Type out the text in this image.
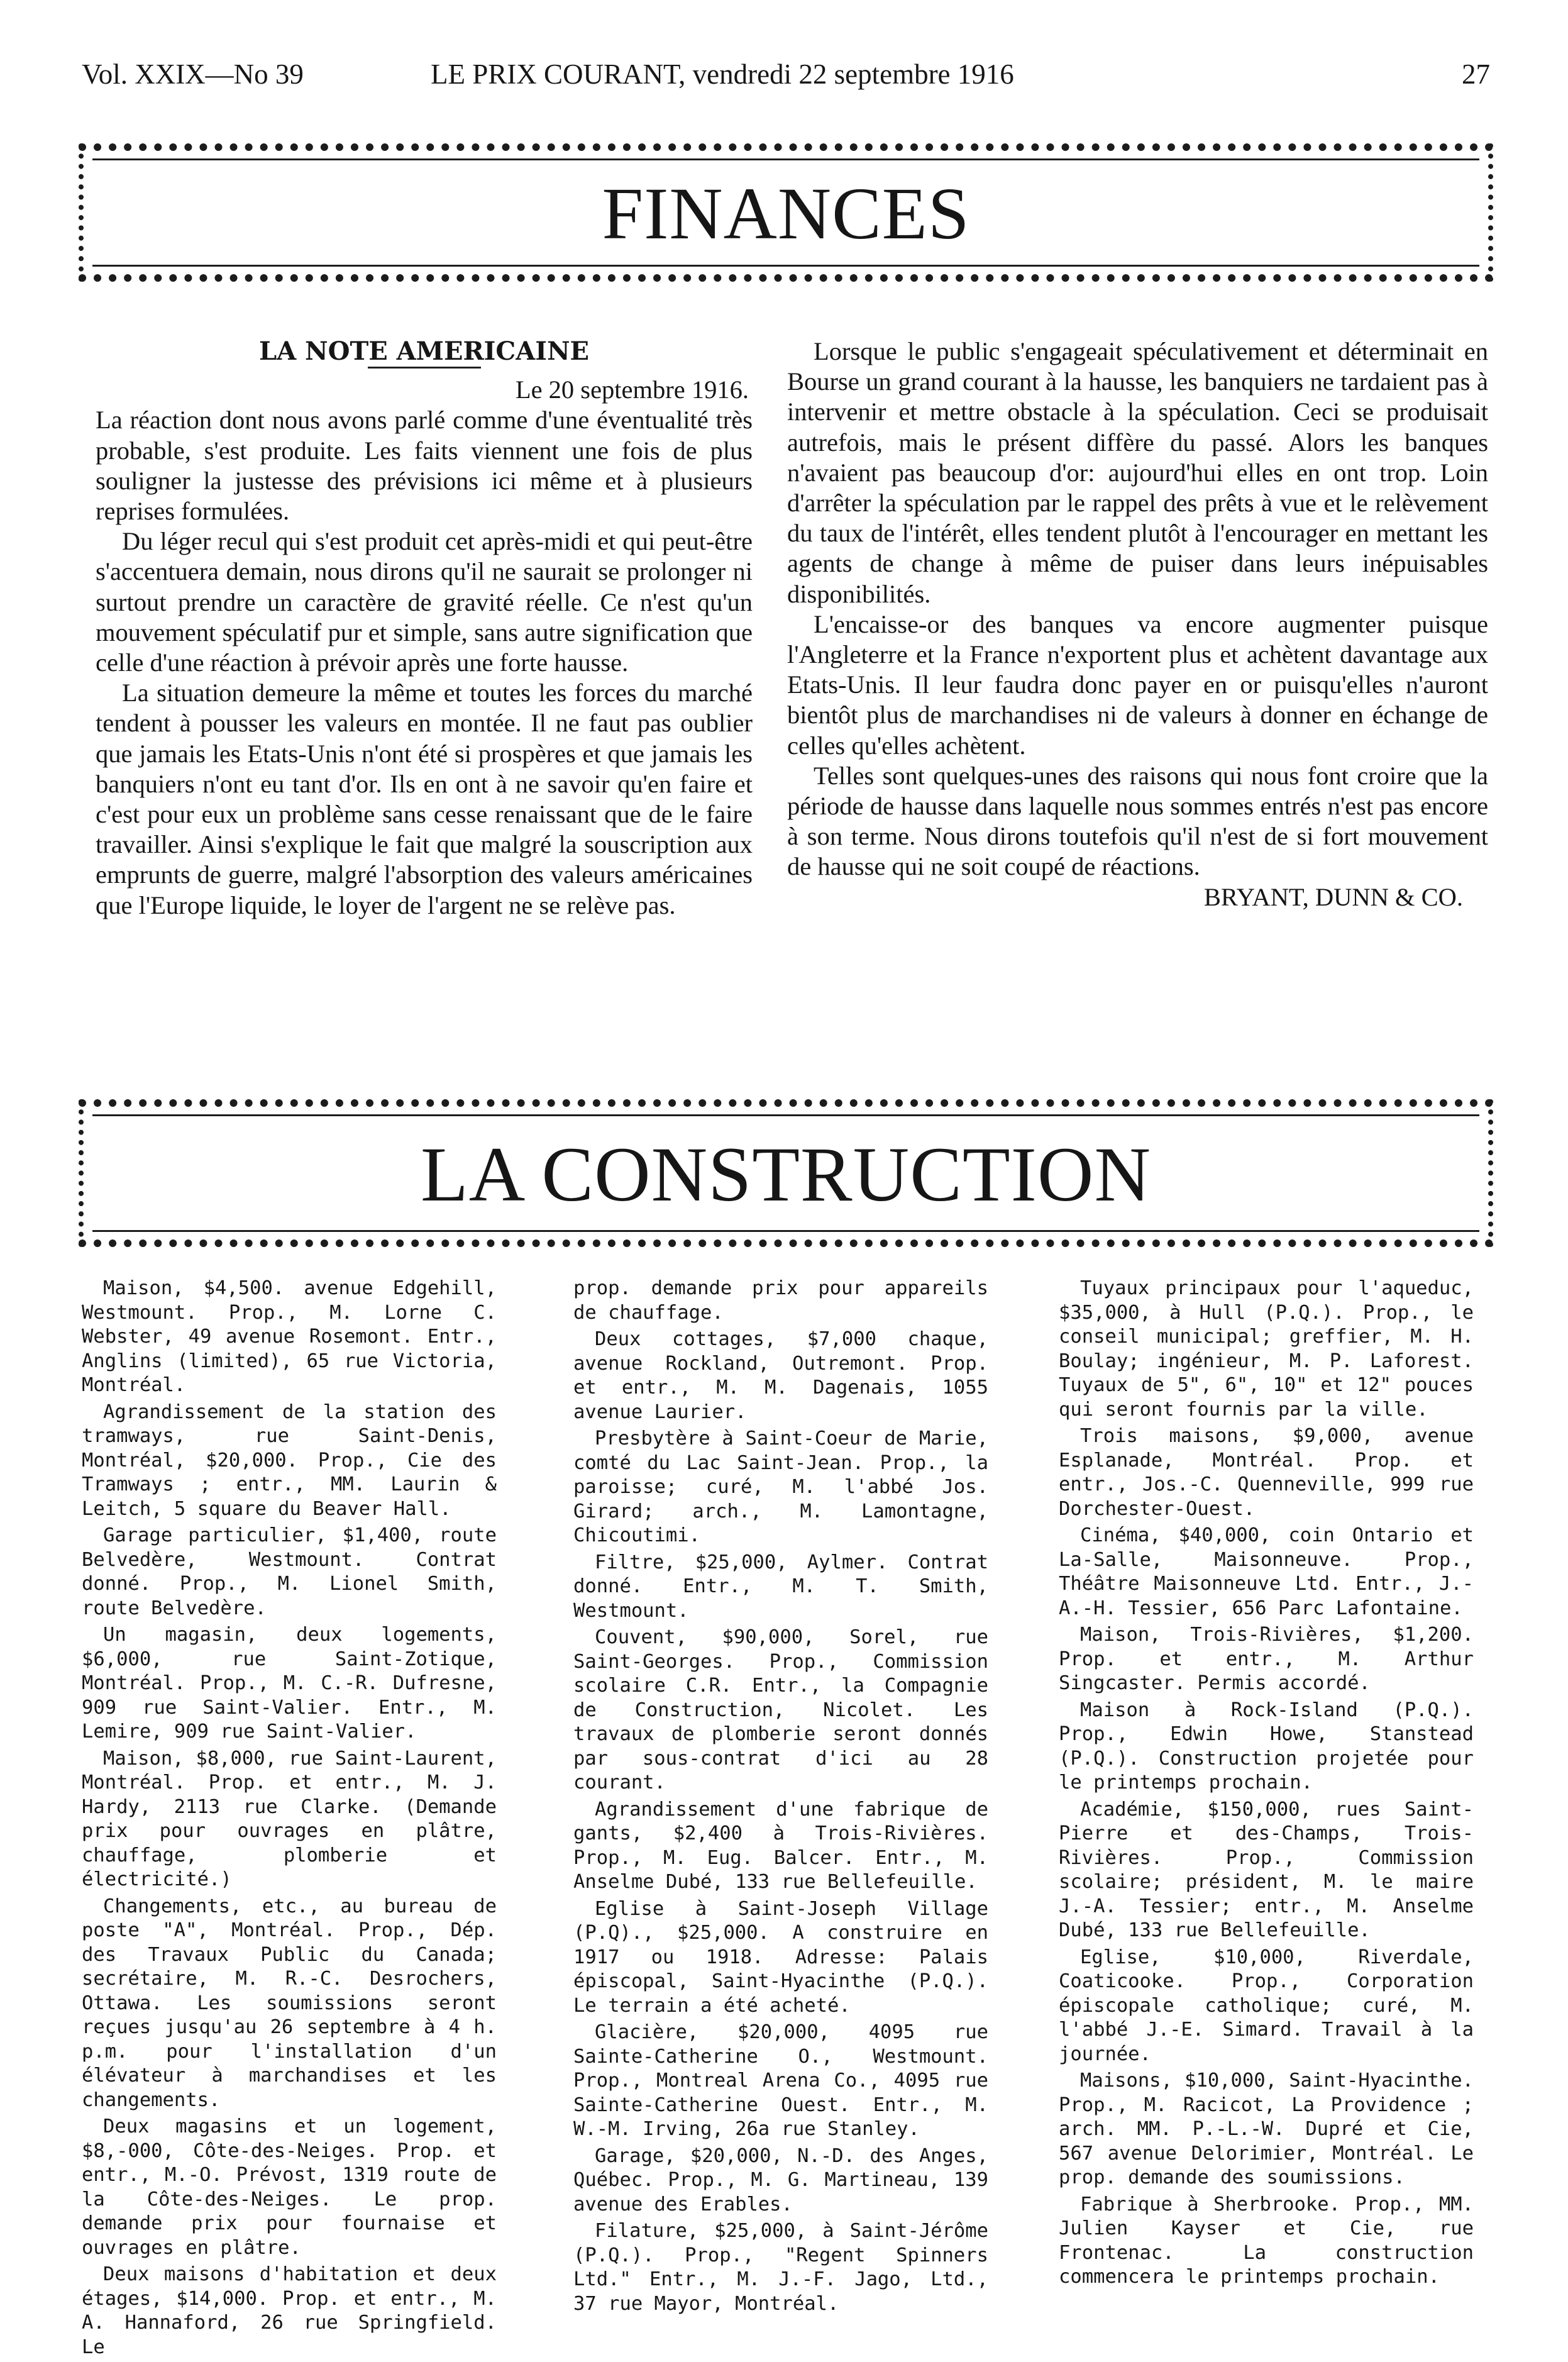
Vol. XXIX—No 39	LE PRIX COURANT, vendredi 22 septembre 1916	27
FINANCES

LA NOTE AMERICAINE

Le 20 septembre 1916.

La réaction dont nous avons parlé comme d'une éventualité très probable, s'est produite. Les faits viennent une fois de plus souligner la justesse des prévisions ici même et à plusieurs reprises formulées.

Du léger recul qui s'est produit cet après-midi et qui peut-être s'accentuera demain, nous dirons qu'il ne saurait se prolonger ni surtout prendre un caractère de gravité réelle. Ce n'est qu'un mouvement spéculatif pur et simple, sans autre signification que celle d'une réaction à prévoir après une forte hausse.

La situation demeure la même et toutes les forces du marché tendent à pousser les valeurs en montée. Il ne faut pas oublier que jamais les Etats-Unis n'ont été si prospères et que jamais les banquiers n'ont eu tant d'or. Ils en ont à ne savoir qu'en faire et c'est pour eux un problème sans cesse renaissant que de le faire travailler. Ainsi s'explique le fait que malgré la souscription aux emprunts de guerre, malgré l'absorption des valeurs américaines que l'Europe liquide, le loyer de l'argent ne se relève pas.

Lorsque le public s'engageait spéculativement et déterminait en Bourse un grand courant à la hausse, les banquiers ne tardaient pas à intervenir et mettre obstacle à la spéculation. Ceci se produisait autrefois, mais le présent diffère du passé. Alors les banques n'avaient pas beaucoup d'or: aujourd'hui elles en ont trop. Loin d'arrêter la spéculation par le rappel des prêts à vue et le relèvement du taux de l'intérêt, elles tendent plutôt à l'encourager en mettant les agents de change à même de puiser dans leurs inépuisables disponibilités.

L'encaisse-or des banques va encore augmenter puisque l'Angleterre et la France n'exportent plus et achètent davantage aux Etats-Unis. Il leur faudra donc payer en or puisqu'elles n'auront bientôt plus de marchandises ni de valeurs à donner en échange de celles qu'elles achètent.

Telles sont quelques-unes des raisons qui nous font croire que la période de hausse dans laquelle nous sommes entrés n'est pas encore à son terme. Nous dirons toutefois qu'il n'est de si fort mouvement de hausse qui ne soit coupé de réactions.

BRYANT, DUNN & CO.

LA CONSTRUCTION

Maison, $4,500. avenue Edgehill, Westmount. Prop., M. Lorne C. Webster, 49 avenue Rosemont. Entr., Anglins (limited), 65 rue Victoria, Montréal.

Agrandissement de la station des tramways, rue Saint-Denis, Montréal, $20,000. Prop., Cie des Tramways ; entr., MM. Laurin & Leitch, 5 square du Beaver Hall.

Garage particulier, $1,400, route Belvedère, Westmount. Contrat donné. Prop., M. Lionel Smith, route Belvedère.

Un magasin, deux logements, $6,000, rue Saint-Zotique, Montréal. Prop., M. C.-R. Dufresne, 909 rue Saint-Valier. Entr., M. Lemire, 909 rue Saint-Valier.

Maison, $8,000, rue Saint-Laurent, Montréal. Prop. et entr., M. J. Hardy, 2113 rue Clarke. (Demande prix pour ouvrages en plâtre, chauffage, plomberie et électricité.)

Changements, etc., au bureau de poste "A", Montréal. Prop., Dép. des Travaux Public du Canada; secrétaire, M. R.-C. Desrochers, Ottawa. Les soumissions seront reçues jusqu'au 26 septembre à 4 h. p.m. pour l'installation d'un élévateur à marchandises et les changements.

Deux magasins et un logement, $8,-000, Côte-des-Neiges. Prop. et entr., M.-O. Prévost, 1319 route de la Côte-des-Neiges. Le prop. demande prix pour fournaise et ouvrages en plâtre.

Deux maisons d'habitation et deux étages, $14,000. Prop. et entr., M. A. Hannaford, 26 rue Springfield. Le

prop. demande prix pour appareils de chauffage.

Deux cottages, $7,000 chaque, avenue Rockland, Outremont. Prop. et entr., M. M. Dagenais, 1055 avenue Laurier.

Presbytère à Saint-Coeur de Marie, comté du Lac Saint-Jean. Prop., la paroisse; curé, M. l'abbé Jos. Girard; arch., M. Lamontagne, Chicoutimi.

Filtre, $25,000, Aylmer. Contrat donné. Entr., M. T. Smith, Westmount.

Couvent, $90,000, Sorel, rue Saint-Georges. Prop., Commission scolaire C.R. Entr., la Compagnie de Construction, Nicolet. Les travaux de plomberie seront donnés par sous-contrat d'ici au 28 courant.

Agrandissement d'une fabrique de gants, $2,400 à Trois-Rivières. Prop., M. Eug. Balcer. Entr., M. Anselme Dubé, 133 rue Bellefeuille.

Eglise à Saint-Joseph Village (P.Q)., $25,000. A construire en 1917 ou 1918. Adresse: Palais épiscopal, Saint-Hyacinthe (P.Q.). Le terrain a été acheté.

Glacière, $20,000, 4095 rue Sainte-Catherine O., Westmount. Prop., Montreal Arena Co., 4095 rue Sainte-Catherine Ouest. Entr., M. W.-M. Irving, 26a rue Stanley.

Garage, $20,000, N.-D. des Anges, Québec. Prop., M. G. Martineau, 139 avenue des Erables.

Filature, $25,000, à Saint-Jérôme (P.Q.). Prop., "Regent Spinners Ltd." Entr., M. J.-F. Jago, Ltd., 37 rue Mayor, Montréal.

Tuyaux principaux pour l'aqueduc, $35,000, à Hull (P.Q.). Prop., le conseil municipal; greffier, M. H. Boulay; ingénieur, M. P. Laforest. Tuyaux de 5", 6", 10" et 12" pouces qui seront fournis par la ville.

Trois maisons, $9,000, avenue Esplanade, Montréal. Prop. et entr., Jos.-C. Quenneville, 999 rue Dorchester-Ouest.

Cinéma, $40,000, coin Ontario et La-Salle, Maisonneuve. Prop., Théâtre Maisonneuve Ltd. Entr., J.-A.-H. Tessier, 656 Parc Lafontaine.

Maison, Trois-Rivières, $1,200. Prop. et entr., M. Arthur Singcaster. Permis accordé.

Maison à Rock-Island (P.Q.). Prop., Edwin Howe, Stanstead (P.Q.). Construction projetée pour le printemps prochain.

Académie, $150,000, rues Saint-Pierre et des-Champs, Trois-Rivières. Prop., Commission scolaire; président, M. le maire J.-A. Tessier; entr., M. Anselme Dubé, 133 rue Bellefeuille.

Eglise, $10,000, Riverdale, Coaticooke. Prop., Corporation épiscopale catholique; curé, M. l'abbé J.-E. Simard. Travail à la journée.

Maisons, $10,000, Saint-Hyacinthe. Prop., M. Racicot, La Providence ; arch. MM. P.-L.-W. Dupré et Cie, 567 avenue Delorimier, Montréal. Le prop. demande des soumissions.

Fabrique à Sherbrooke. Prop., MM. Julien Kayser et Cie, rue Frontenac. La construction commencera le printemps prochain.
